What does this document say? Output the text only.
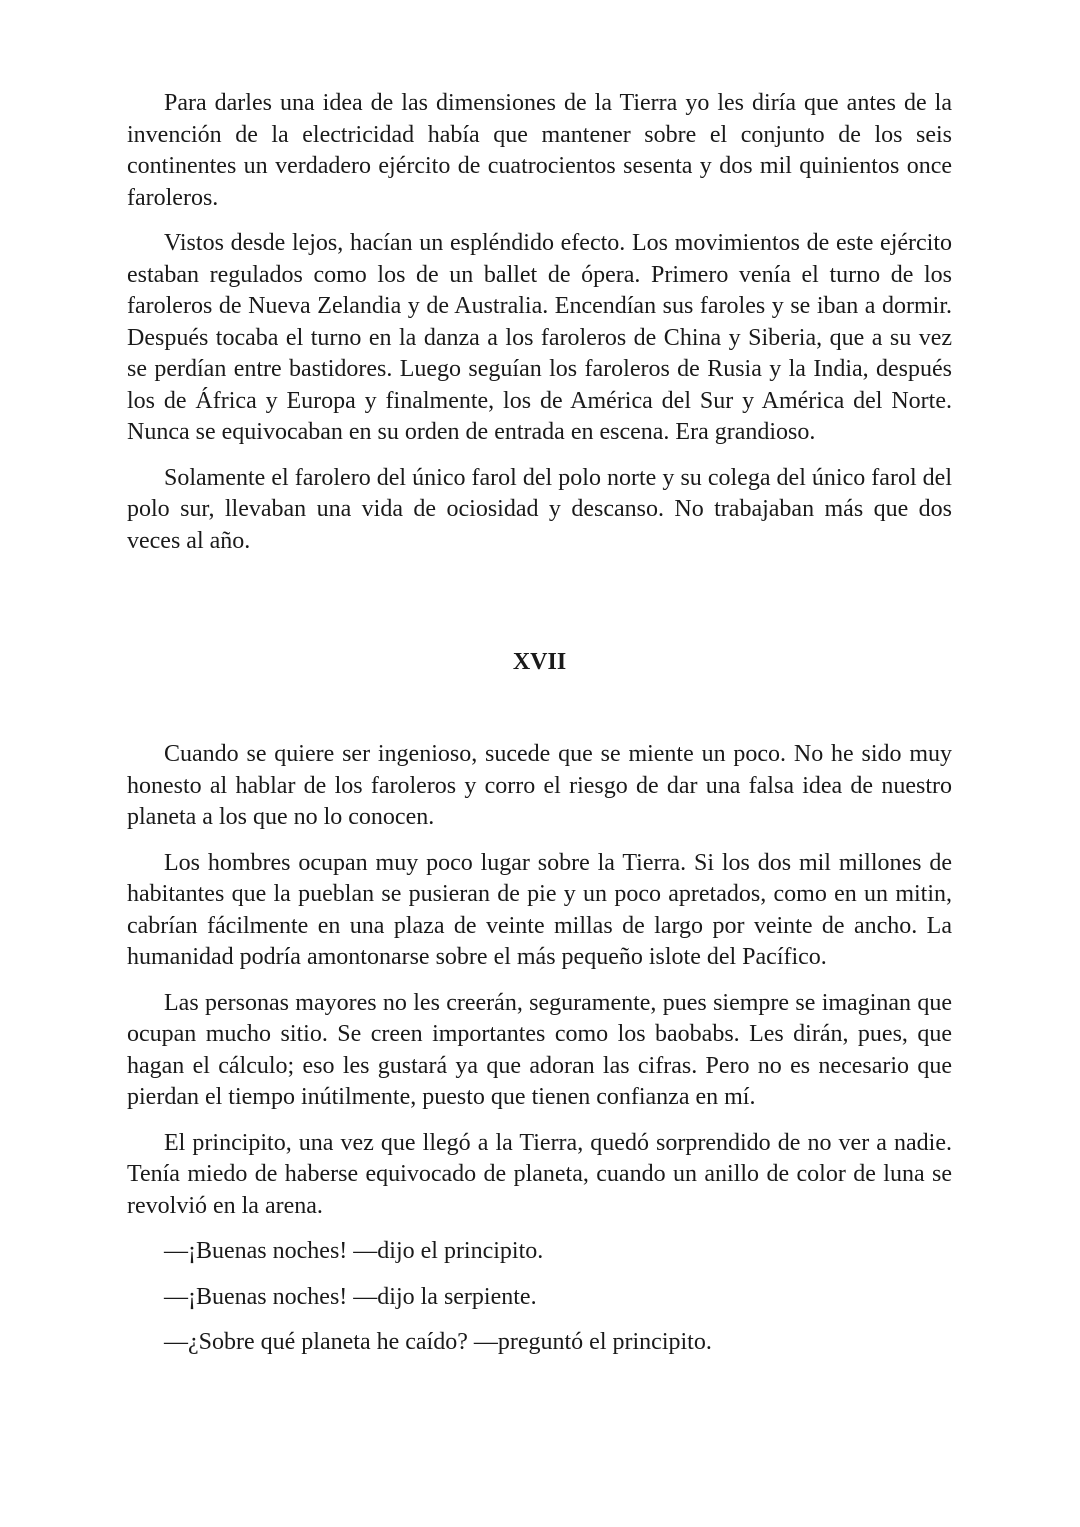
Para darles una idea de las dimensiones de la Tierra yo les diría que antes de la invención de la electricidad había que mantener sobre el conjunto de los seis continentes un verdadero ejército de cuatrocientos sesenta y dos mil quinientos once faroleros.

Vistos desde lejos, hacían un espléndido efecto. Los movimientos de este ejército estaban regulados como los de un ballet de ópera. Primero venía el turno de los faroleros de Nueva Zelandia y de Australia. Encendían sus faroles y se iban a dormir. Después tocaba el turno en la danza a los faroleros de China y Siberia, que a su vez se perdían entre bastidores. Luego seguían los faroleros de Rusia y la India, después los de África y Europa y finalmente, los de América del Sur y América del Norte. Nunca se equivocaban en su orden de entrada en escena. Era grandioso.

Solamente el farolero del único farol del polo norte y su colega del único farol del polo sur, llevaban una vida de ociosidad y descanso. No trabajaban más que dos veces al año.

XVII

Cuando se quiere ser ingenioso, sucede que se miente un poco. No he sido muy honesto al hablar de los faroleros y corro el riesgo de dar una falsa idea de nuestro planeta a los que no lo conocen.

Los hombres ocupan muy poco lugar sobre la Tierra. Si los dos mil millones de habitantes que la pueblan se pusieran de pie y un poco apretados, como en un mitin, cabrían fácilmente en una plaza de veinte millas de largo por veinte de ancho. La humanidad podría amontonarse sobre el más pequeño islote del Pacífico.

Las personas mayores no les creerán, seguramente, pues siempre se imaginan que ocupan mucho sitio. Se creen importantes como los baobabs. Les dirán, pues, que hagan el cálculo; eso les gustará ya que adoran las cifras. Pero no es necesario que pierdan el tiempo inútilmente, puesto que tienen confianza en mí.

El principito, una vez que llegó a la Tierra, quedó sorprendido de no ver a nadie. Tenía miedo de haberse equivocado de planeta, cuando un anillo de color de luna se revolvió en la arena.

—¡Buenas noches! —dijo el principito.

—¡Buenas noches! —dijo la serpiente.

—¿Sobre qué planeta he caído? —preguntó el principito.
